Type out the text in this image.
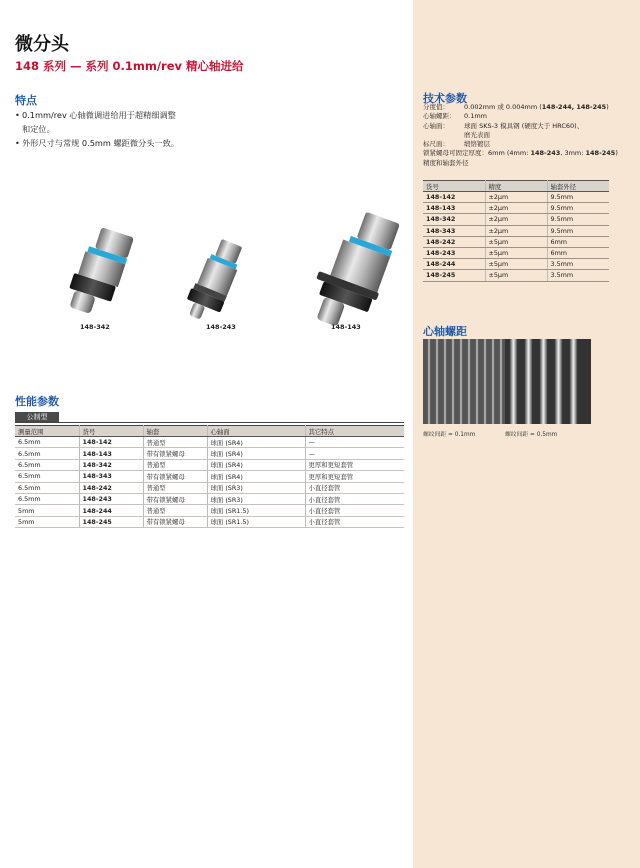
微分头
148 系列 — 系列 0.1mm/rev 精心轴进给
特点
• 0.1mm/rev 心轴微调进给用于超精细调整
和定位。
• 外形尺寸与常规 0.5mm 螺距微分头一致。
148-342	148-243	148-143
技术参数
分度值：	0.002mm 或 0.004mm (148-244, 148-245)
心轴螺距：	0.1mm
心轴面：	球面 SKS-3 模具钢 (硬度大于 HRC60)、
磨光表面
标尺面：	缎铬镀层
锁紧螺母可固定厚度：6mm (4mm: 148-243, 3mm: 148-245)
精度和轴套外径
货号	精度	轴套外径
148-142	±2μm	9.5mm
148-143	±2μm	9.5mm
148-342	±2μm	9.5mm
148-343	±2μm	9.5mm
148-242	±5μm	6mm
148-243	±5μm	6mm
148-244	±5μm	3.5mm
148-245	±5μm	3.5mm
心轴螺距
螺纹间距 = 0.1mm	螺纹间距 = 0.5mm
性能参数
公制型
测量范围	货号	轴套	心轴面	其它特点
6.5mm	148-142	普通型	球面 (SR4)	—
6.5mm	148-143	带有锁紧螺母	球面 (SR4)	—
6.5mm	148-342	普通型	球面 (SR4)	更厚和更短套管
6.5mm	148-343	带有锁紧螺母	球面 (SR4)	更厚和更短套管
6.5mm	148-242	普通型	球面 (SR3)	小直径套管
6.5mm	148-243	带有锁紧螺母	球面 (SR3)	小直径套管
5mm	148-244	普通型	球面 (SR1.5)	小直径套管
5mm	148-245	带有锁紧螺母	球面 (SR1.5)	小直径套管
